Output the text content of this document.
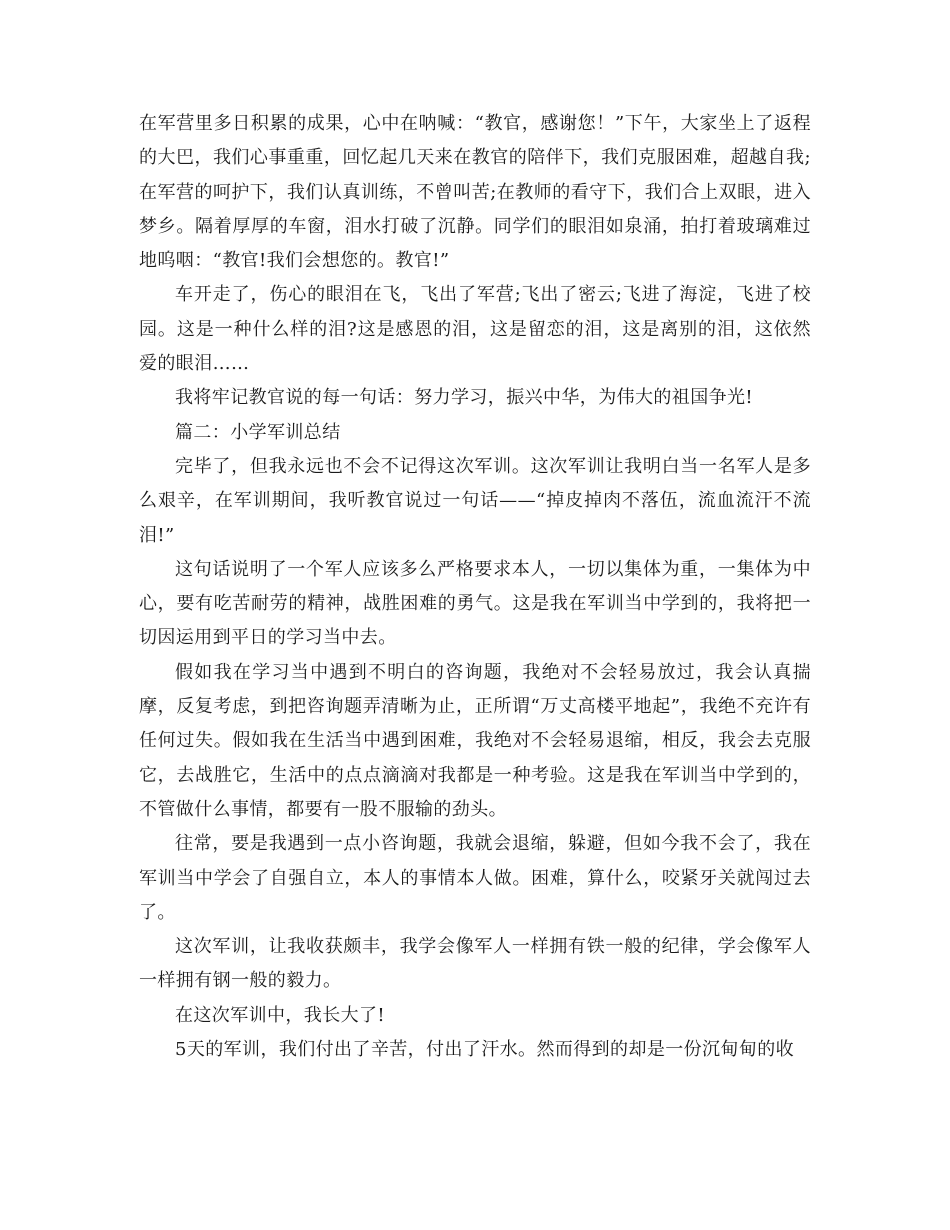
在军营里多日积累的成果，心中在呐喊：“教官，感谢您！”下午，大家坐上了返程的大巴，我们心事重重，回忆起几天来在教官的陪伴下，我们克服困难，超越自我;在军营的呵护下，我们认真训练，不曾叫苦;在教师的看守下，我们合上双眼，进入梦乡。隔着厚厚的车窗，泪水打破了沉静。同学们的眼泪如泉涌，拍打着玻璃难过地呜咽：“教官!我们会想您的。教官!”

车开走了，伤心的眼泪在飞，飞出了军营;飞出了密云;飞进了海淀，飞进了校园。这是一种什么样的泪?这是感恩的泪，这是留恋的泪，这是离别的泪，这依然爱的眼泪……

我将牢记教官说的每一句话：努力学习，振兴中华，为伟大的祖国争光!

篇二：小学军训总结

完毕了，但我永远也不会不记得这次军训。这次军训让我明白当一名军人是多么艰辛，在军训期间，我听教官说过一句话——“掉皮掉肉不落伍，流血流汗不流泪!”

这句话说明了一个军人应该多么严格要求本人，一切以集体为重，一集体为中心，要有吃苦耐劳的精神，战胜困难的勇气。这是我在军训当中学到的，我将把一切因运用到平日的学习当中去。

假如我在学习当中遇到不明白的咨询题，我绝对不会轻易放过，我会认真揣摩，反复考虑，到把咨询题弄清晰为止，正所谓“万丈高楼平地起”，我绝不充许有任何过失。假如我在生活当中遇到困难，我绝对不会轻易退缩，相反，我会去克服它，去战胜它，生活中的点点滴滴对我都是一种考验。这是我在军训当中学到的，不管做什么事情，都要有一股不服输的劲头。

往常，要是我遇到一点小咨询题，我就会退缩，躲避，但如今我不会了，我在军训当中学会了自强自立，本人的事情本人做。困难，算什么，咬紧牙关就闯过去了。

这次军训，让我收获颇丰，我学会像军人一样拥有铁一般的纪律，学会像军人一样拥有钢一般的毅力。

在这次军训中，我长大了!

5天的军训，我们付出了辛苦，付出了汗水。然而得到的却是一份沉甸甸的收
